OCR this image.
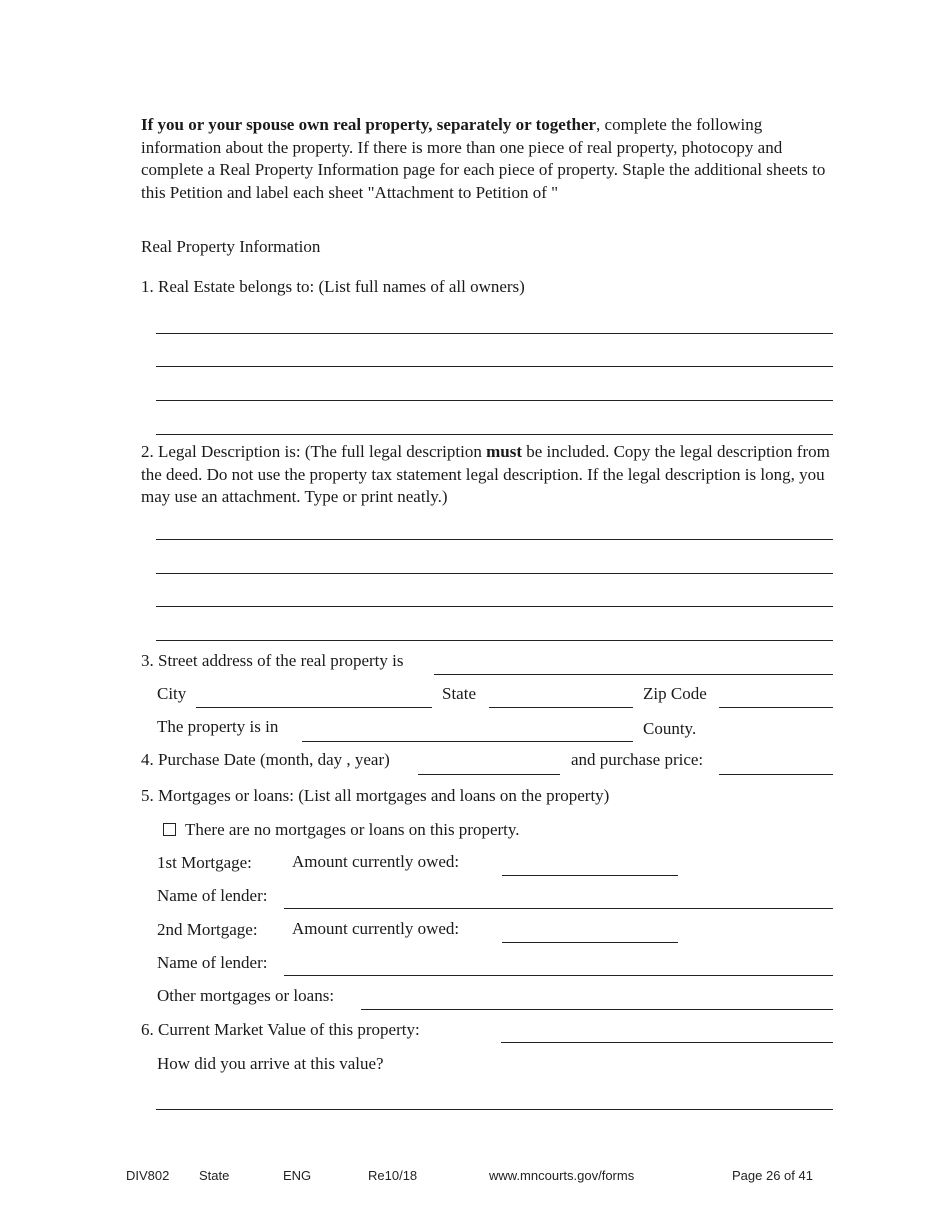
If you or your spouse own real property, separately or together, complete the following information about the property. If there is more than one piece of real property, photocopy and complete a Real Property Information page for each piece of property. Staple the additional sheets to this Petition and label each sheet "Attachment to Petition of "
Real Property Information
1. Real Estate belongs to: (List full names of all owners)
2. Legal Description is: (The full legal description must be included. Copy the legal description from the deed. Do not use the property tax statement legal description. If the legal description is long, you may use an attachment. Type or print neatly.)
3. Street address of the real property is
City	State	Zip Code
The property is in	County.
4. Purchase Date (month, day , year)	and purchase price:
5. Mortgages or loans: (List all mortgages and loans on the property)
There are no mortgages or loans on this property.
1st Mortgage: Amount currently owed:
Name of lender:
2nd Mortgage: Amount currently owed:
Name of lender:
Other mortgages or loans:
6. Current Market Value of this property:
How did you arrive at this value?
DIV802 State	ENG	Re10/18	www.mncourts.gov/forms	Page 26 of 41
